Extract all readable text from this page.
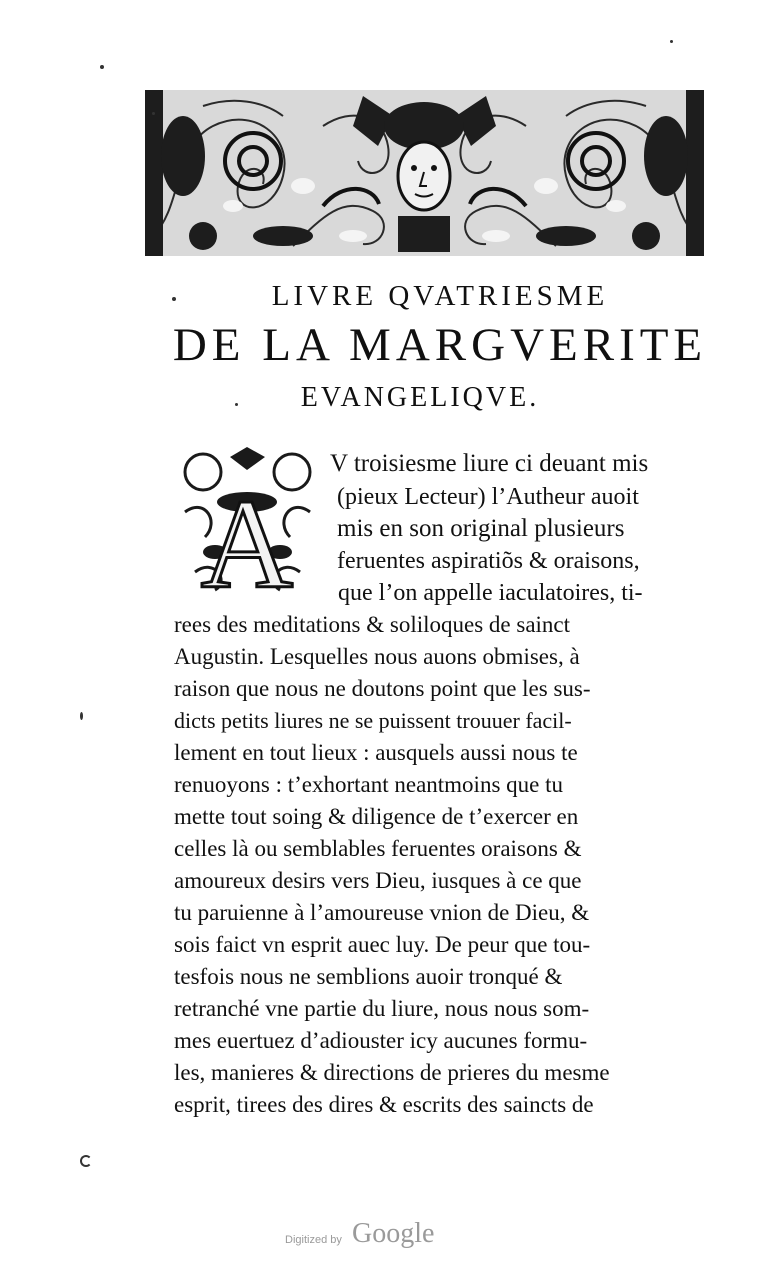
LIVRE QVATRIESME
DE LA MARGVERITE
EVANGELIQVE.
A
V troisiesme liure ci deuant mis
(pieux Lecteur) l’Autheur auoit
mis en son original plusieurs
feruentes aspiratiõs & oraisons,
que l’on appelle iaculatoires, ti-
rees des meditations & soliloques de sainct
Augustin. Lesquelles nous auons obmises, à
raison que nous ne doutons point que les sus-
dicts petits liures ne se puissent trouuer facil-
lement en tout lieux : ausquels aussi nous te
renuoyons : t’exhortant neantmoins que tu
mette tout soing & diligence de t’exercer en
celles là ou semblables feruentes oraisons &
amoureux desirs vers Dieu, iusques à ce que
tu paruienne à l’amoureuse vnion de Dieu, &
sois faict vn esprit auec luy. De peur que tou-
tesfois nous ne semblions auoir tronqué &
retranché vne partie du liure, nous nous som-
mes euertuez d’adiouster icy aucunes formu-
les, manieres & directions de prieres du mesme
esprit, tirees des dires & escrits des saincts de
Digitized by Google
